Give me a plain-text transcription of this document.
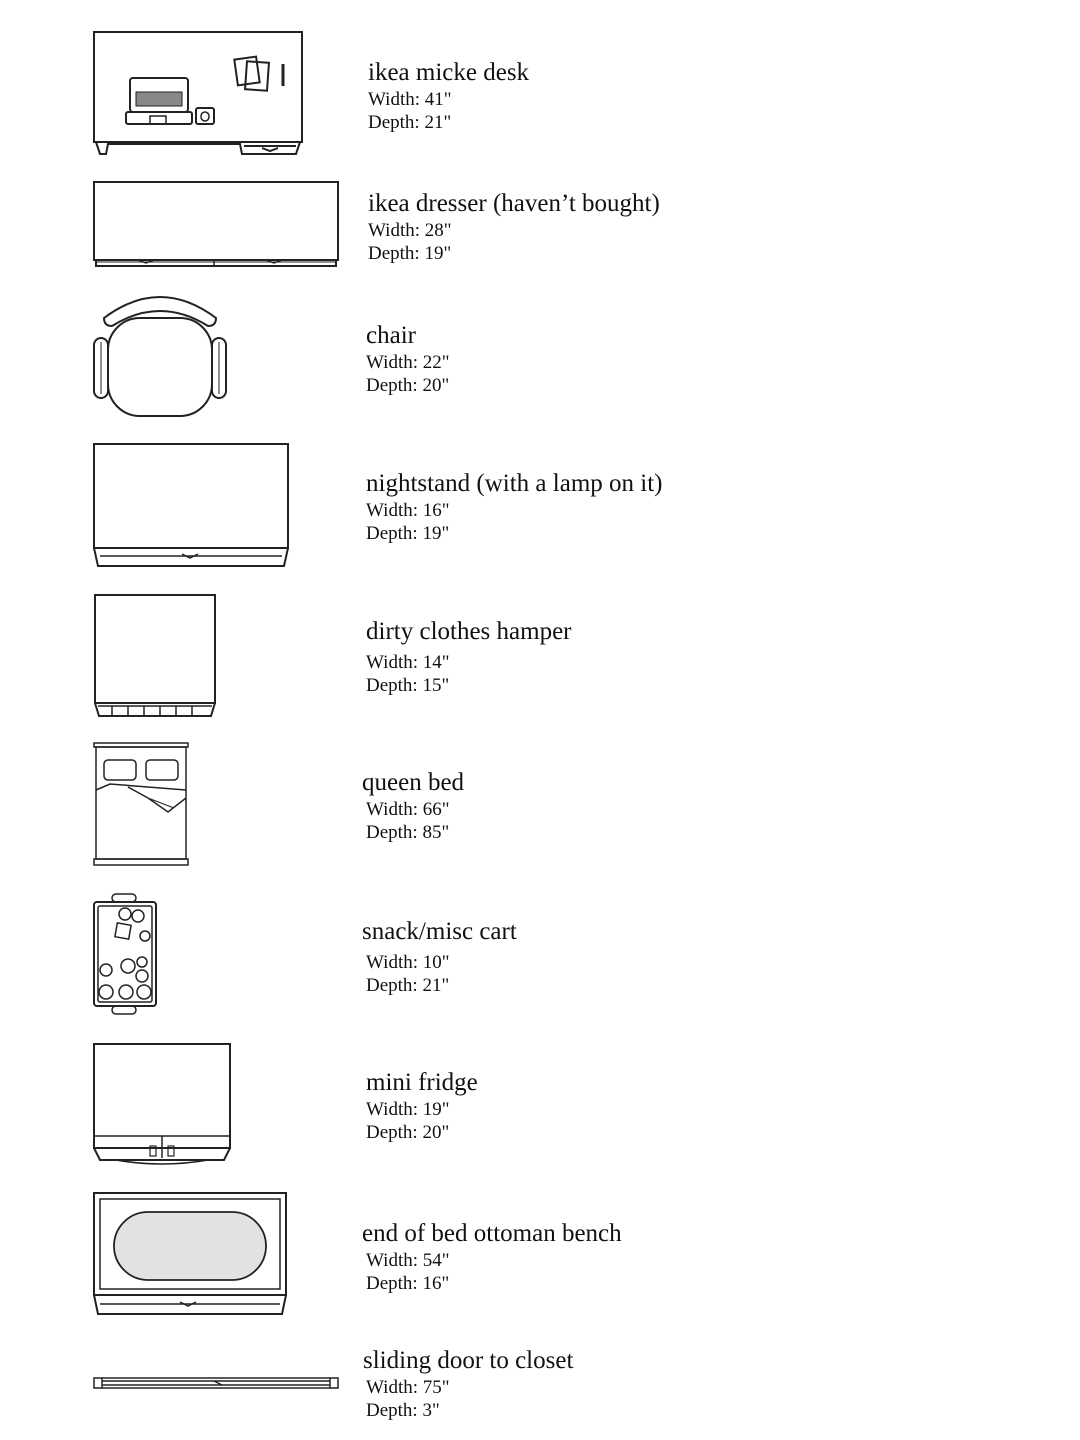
ikea micke desk
Width: 41"
Depth: 21"
ikea dresser (haven’t bought)
Width: 28"
Depth: 19"
chair
Width: 22"
Depth: 20"
nightstand (with a lamp on it)
Width: 16"
Depth: 19"
dirty clothes hamper
Width: 14"
Depth: 15"
queen bed
Width: 66"
Depth: 85"
snack/misc cart
Width: 10"
Depth: 21"
mini fridge
Width: 19"
Depth: 20"
end of bed ottoman bench
Width: 54"
Depth: 16"
sliding door to closet
Width: 75"
Depth: 3"
